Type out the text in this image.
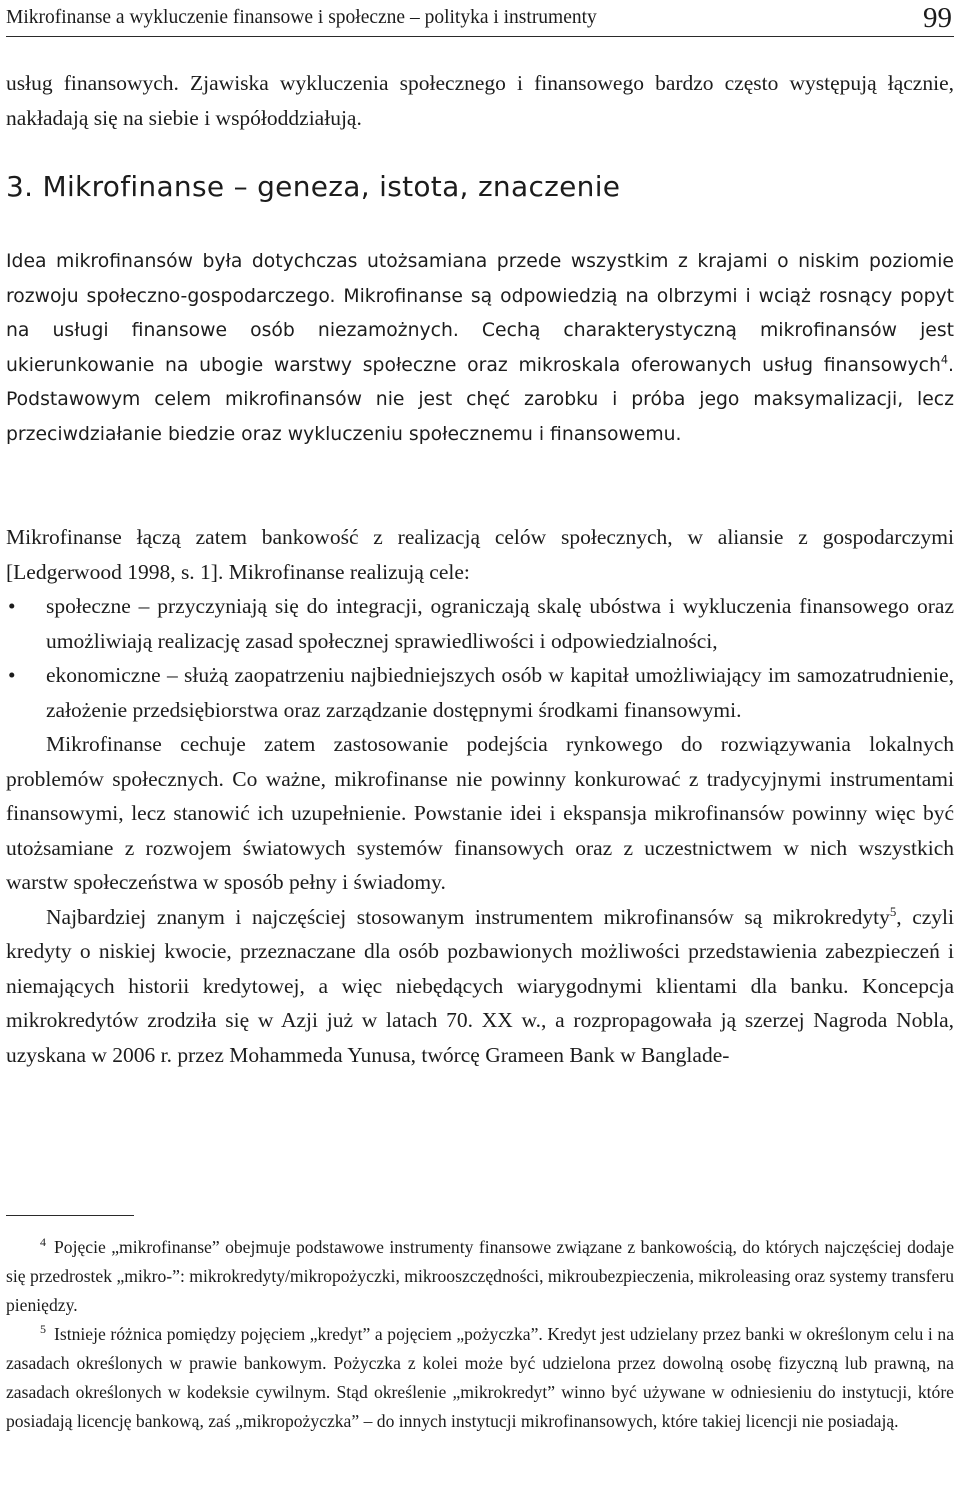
Mikrofinanse a wykluczenie finansowe i społeczne – polityka i instrumenty	99

usług finansowych. Zjawiska wykluczenia społecznego i finansowego bardzo często występują łącznie, nakładają się na siebie i współoddziałują.

3. Mikrofinanse – geneza, istota, znaczenie
Idea mikrofinansów była dotychczas utożsamiana przede wszystkim z krajami o niskim poziomie rozwoju społeczno-gospodarczego. Mikrofinanse są odpowiedzią na olbrzymi i wciąż rosnący popyt na usługi finansowe osób niezamożnych. Cechą charakterystyczną mikrofinansów jest ukierunkowanie na ubogie warstwy społeczne oraz mikroskala oferowanych usług finansowych$^4$. Podstawowym celem mikrofinansów nie jest chęć zarobku i próba jego maksymalizacji, lecz przeciwdziałanie biedzie oraz wykluczeniu społecznemu i finansowemu.

Mikrofinanse łączą zatem bankowość z realizacją celów społecznych, w aliansie z gospodarczymi [Ledgerwood 1998, s. 1]. Mikrofinanse realizują cele:

• społeczne – przyczyniają się do integracji, ograniczają skalę ubóstwa i wykluczenia finansowego oraz umożliwiają realizację zasad społecznej sprawiedliwości i odpowiedzialności,
• ekonomiczne – służą zaopatrzeniu najbiedniejszych osób w kapitał umożliwiający im samozatrudnienie, założenie przedsiębiorstwa oraz zarządzanie dostępnymi środkami finansowymi.

Mikrofinanse cechuje zatem zastosowanie podejścia rynkowego do rozwiązywania lokalnych problemów społecznych. Co ważne, mikrofinanse nie powinny konkurować z tradycyjnymi instrumentami finansowymi, lecz stanowić ich uzupełnienie. Powstanie idei i ekspansja mikrofinansów powinny więc być utożsamiane z rozwojem światowych systemów finansowych oraz z uczestnictwem w nich wszystkich warstw społeczeństwa w sposób pełny i świadomy.

Najbardziej znanym i najczęściej stosowanym instrumentem mikrofinansów są mikrokredyty$^5$, czyli kredyty o niskiej kwocie, przeznaczane dla osób pozbawionych możliwości przedstawienia zabezpieczeń i niemających historii kredytowej, a więc niebędących wiarygodnymi klientami dla banku. Koncepcja mikrokredytów zrodziła się w Azji już w latach 70. XX w., a rozpropagowała ją szerzej Nagroda Nobla, uzyskana w 2006 r. przez Mohammeda Yunusa, twórcę Grameen Bank w Banglade-

$^4$ Pojęcie „mikrofinanse” obejmuje podstawowe instrumenty finansowe związane z bankowością, do których najczęściej dodaje się przedrostek „mikro-”: mikrokredyty/mikropożyczki, mikrooszczędności, mikroubezpieczenia, mikroleasing oraz systemy transferu pieniędzy.

$^5$ Istnieje różnica pomiędzy pojęciem „kredyt” a pojęciem „pożyczka”. Kredyt jest udzielany przez banki w określonym celu i na zasadach określonych w prawie bankowym. Pożyczka z kolei może być udzielona przez dowolną osobę fizyczną lub prawną, na zasadach określonych w kodeksie cywilnym. Stąd określenie „mikrokredyt” winno być używane w odniesieniu do instytucji, które posiadają licencję bankową, zaś „mikropożyczka” – do innych instytucji mikrofinansowych, które takiej licencji nie posiadają.
